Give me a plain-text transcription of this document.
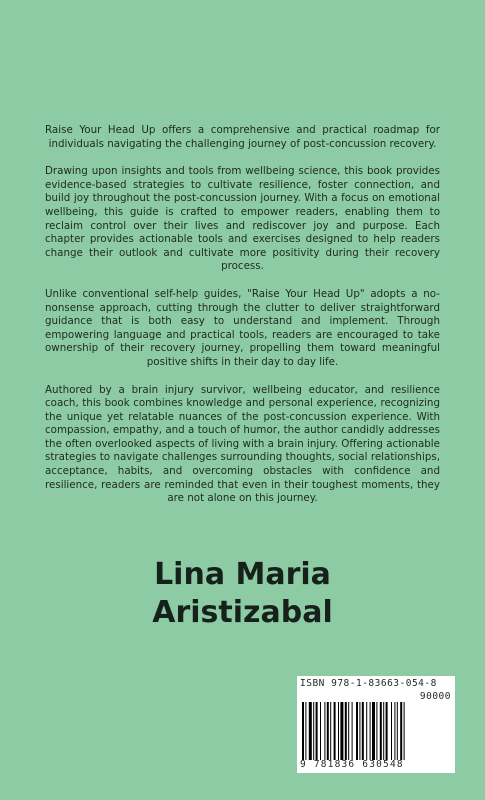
Raise Your Head Up offers a comprehensive and practical roadmap for individuals navigating the challenging journey of post-concussion recovery.

Drawing upon insights and tools from wellbeing science, this book provides evidence-based strategies to cultivate resilience, foster connection, and build joy throughout the post-concussion journey. With a focus on emotional wellbeing, this guide is crafted to empower readers, enabling them to reclaim control over their lives and rediscover joy and purpose. Each chapter provides actionable tools and exercises designed to help readers change their outlook and cultivate more positivity during their recovery process.

Unlike conventional self-help guides, "Raise Your Head Up" adopts a no-nonsense approach, cutting through the clutter to deliver straightforward guidance that is both easy to understand and implement. Through empowering language and practical tools, readers are encouraged to take ownership of their recovery journey, propelling them toward meaningful positive shifts in their day to day life.

Authored by a brain injury survivor, wellbeing educator, and resilience coach, this book combines knowledge and personal experience, recognizing the unique yet relatable nuances of the post-concussion experience. With compassion, empathy, and a touch of humor, the author candidly addresses the often overlooked aspects of living with a brain injury. Offering actionable strategies to navigate challenges surrounding thoughts, social relationships, acceptance, habits, and overcoming obstacles with confidence and resilience, readers are reminded that even in their toughest moments, they are not alone on this journey.

Lina Maria
Aristizabal
ISBN 978-1-83663-054-8
90000
9 781836 630548
